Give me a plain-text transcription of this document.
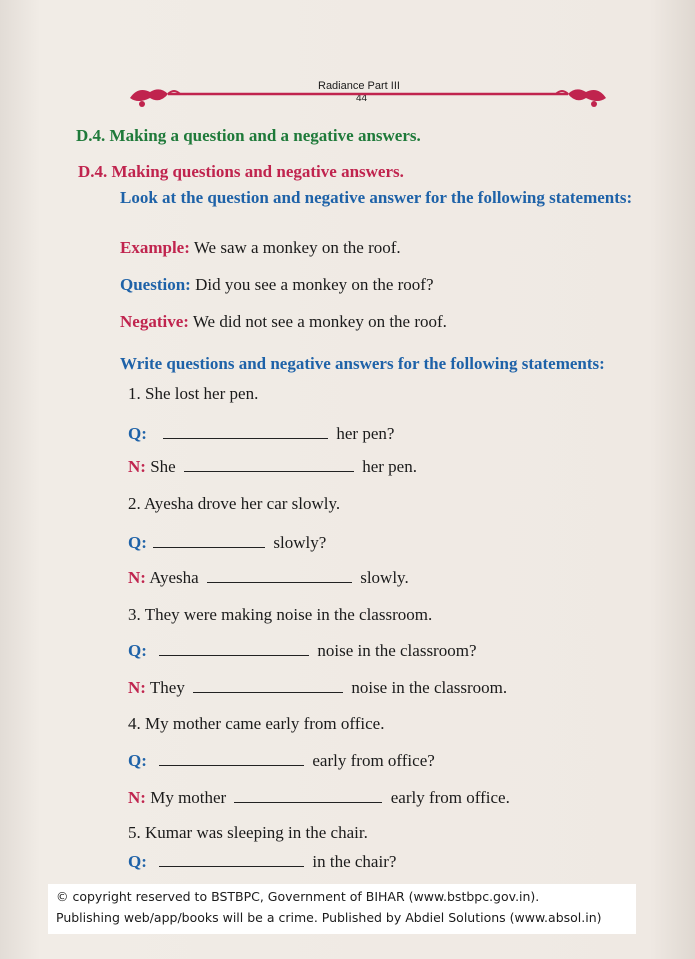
Radiance Part III
44
D.4. Making a question and a negative answers.
D.4. Making questions and negative answers.
Look at the question and negative answer for the following statements:
Example: We saw a monkey on the roof.
Question: Did you see a monkey on the roof?
Negative: We did not see a monkey on the roof.
Write questions and negative answers for the following statements:
1. She lost her pen.
Q:	her pen?
N: She	her pen.
2. Ayesha drove her car slowly.
Q:	slowly?
N: Ayesha	slowly.
3. They were making noise in the classroom.
Q:	noise in the classroom?
N: They	noise in the classroom.
4. My mother came early from office.
Q:	early from office?
N: My mother	early from office.
5. Kumar was sleeping in the chair.
Q:	in the chair?
© copyright reserved to BSTBPC, Government of BIHAR (www.bstbpc.gov.in).
Publishing web/app/books will be a crime. Published by Abdiel Solutions (www.absol.in)
